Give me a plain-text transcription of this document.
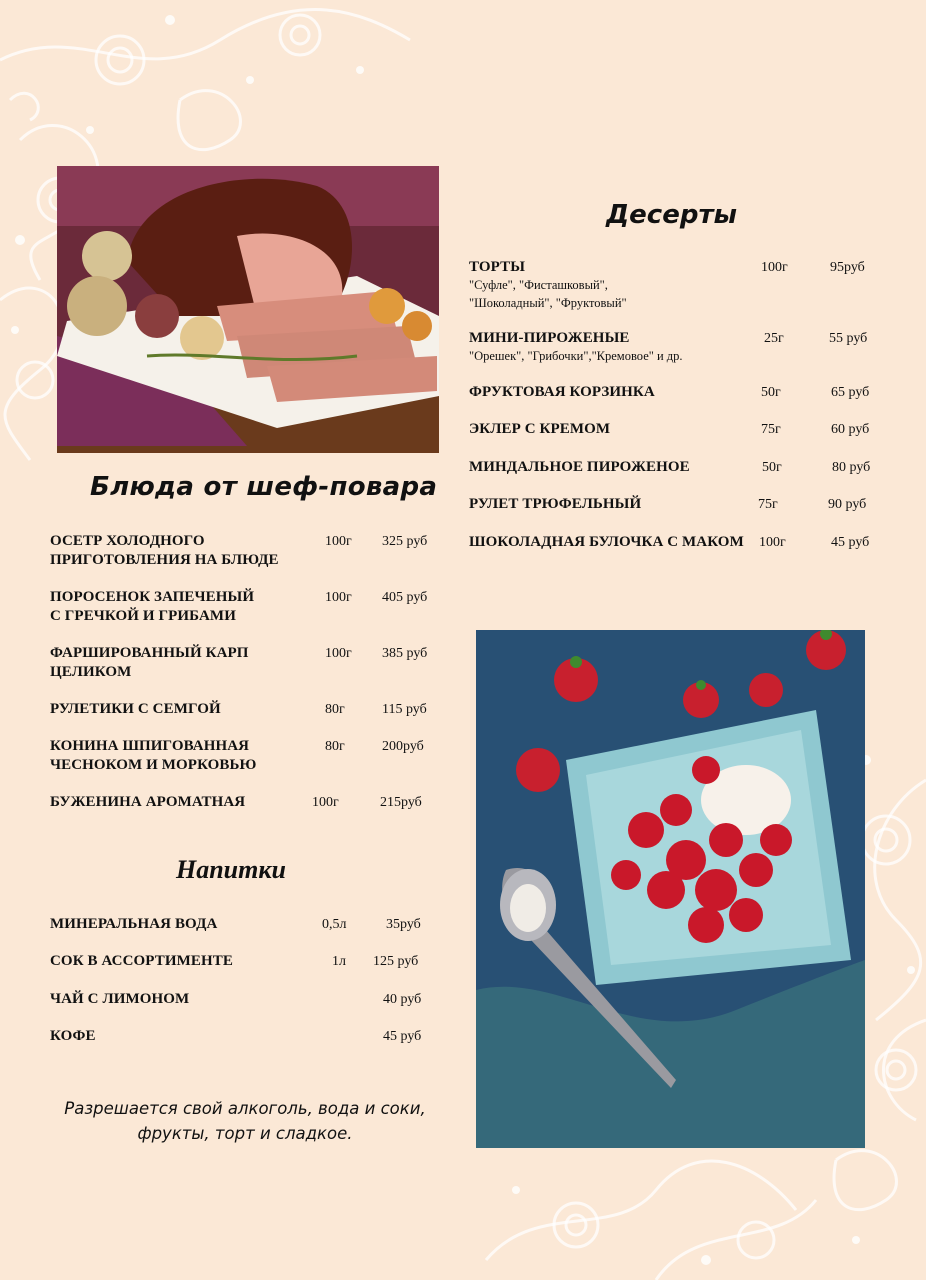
Блюда от шеф-повара
ОСЕТР ХОЛОДНОГО
ПРИГОТОВЛЕНИЯ НА БЛЮДЕ
100г 325 руб
ПОРОСЕНОК ЗАПЕЧЕНЫЙ
С ГРЕЧКОЙ И ГРИБАМИ
100г 405 руб
ФАРШИРОВАННЫЙ КАРП
ЦЕЛИКОМ
100г 385 руб
РУЛЕТИКИ С СЕМГОЙ	80г	115 руб
КОНИНА ШПИГОВАННАЯ
ЧЕСНОКОМ И МОРКОВЬЮ
80г	200руб
БУЖЕНИНА АРОМАТНАЯ	100г	215руб
Напитки
МИНЕРАЛЬНАЯ ВОДА	0,5л	35руб
СОК В АССОРТИМЕНТЕ	1л 125 руб
ЧАЙ С ЛИМОНОМ	40 руб
КОФЕ	45 руб
Десерты
ТОРТЫ
"Суфле", "Фисташковый",
"Шоколадный", "Фруктовый"
100г	95руб
МИНИ-ПИРОЖЕНЫЕ
"Орешек", "Грибочки","Кремовое" и др.
25г	55 руб
ФРУКТОВАЯ КОРЗИНКА	50г	65 руб
ЭКЛЕР С КРЕМОМ	75г	60 руб
МИНДАЛЬНОЕ ПИРОЖЕНОЕ	50г	80 руб
РУЛЕТ ТРЮФЕЛЬНЫЙ	75г	90 руб
ШОКОЛАДНАЯ БУЛОЧКА С МАКОМ 100г	45 руб
Разрешается свой алкоголь, вода и соки,
фрукты, торт и сладкое.
